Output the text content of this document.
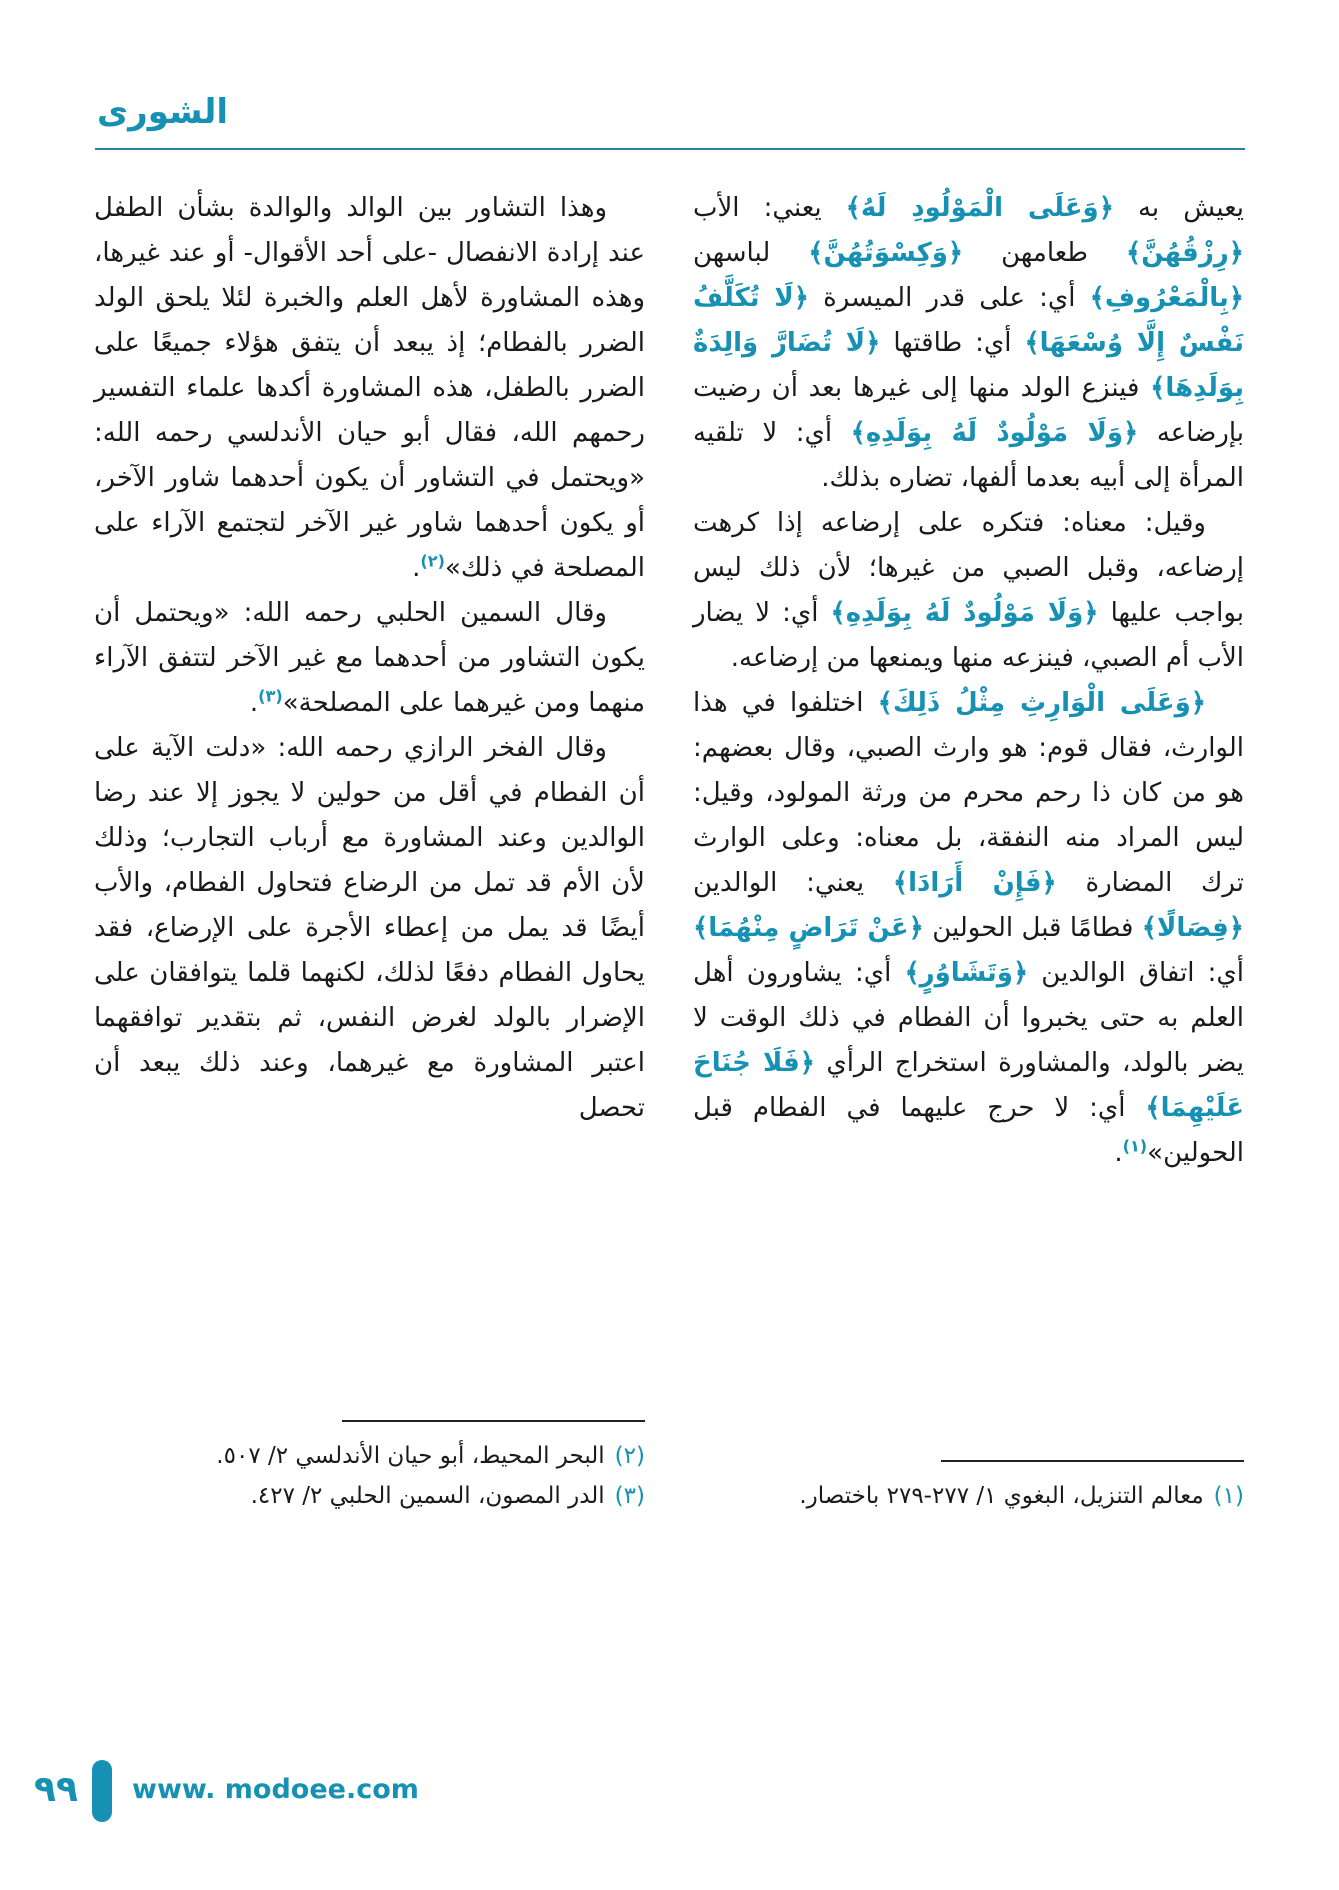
الشورى

يعيش به ﴿وَعَلَى الْمَوْلُودِ لَهُ﴾ يعني: الأب ﴿رِزْقُهُنَّ﴾ طعامهن ﴿وَكِسْوَتُهُنَّ﴾ لباسهن ﴿بِالْمَعْرُوفِ﴾ أي: على قدر الميسرة ﴿لَا تُكَلَّفُ نَفْسٌ إِلَّا وُسْعَهَا﴾ أي: طاقتها ﴿لَا تُضَارَّ وَالِدَةٌ بِوَلَدِهَا﴾ فينزع الولد منها إلى غيرها بعد أن رضيت بإرضاعه ﴿وَلَا مَوْلُودٌ لَهُ بِوَلَدِهِ﴾ أي: لا تلقيه المرأة إلى أبيه بعدما ألفها، تضاره بذلك.

وقيل: معناه: فتكره على إرضاعه إذا كرهت إرضاعه، وقبل الصبي من غيرها؛ لأن ذلك ليس بواجب عليها ﴿وَلَا مَوْلُودٌ لَهُ بِوَلَدِهِ﴾ أي: لا يضار الأب أم الصبي، فينزعه منها ويمنعها من إرضاعه.

﴿وَعَلَى الْوَارِثِ مِثْلُ ذَلِكَ﴾ اختلفوا في هذا الوارث، فقال قوم: هو وارث الصبي، وقال بعضهم: هو من كان ذا رحم محرم من ورثة المولود، وقيل: ليس المراد منه النفقة، بل معناه: وعلى الوارث ترك المضارة ﴿فَإِنْ أَرَادَا﴾ يعني: الوالدين ﴿فِصَالًا﴾ فطامًا قبل الحولين ﴿عَنْ تَرَاضٍ مِنْهُمَا﴾ أي: اتفاق الوالدين ﴿وَتَشَاوُرٍ﴾ أي: يشاورون أهل العلم به حتى يخبروا أن الفطام في ذلك الوقت لا يضر بالولد، والمشاورة استخراج الرأي ﴿فَلَا جُنَاحَ عَلَيْهِمَا﴾ أي: لا حرج عليهما في الفطام قبل الحولين»$^{(١)}$.

(١)
معالم التنزيل، البغوي ١/ ٢٧٧-٢٧٩ باختصار.

وهذا التشاور بين الوالد والوالدة بشأن الطفل عند إرادة الانفصال -على أحد الأقوال- أو عند غيرها، وهذه المشاورة لأهل العلم والخبرة لئلا يلحق الولد الضرر بالفطام؛ إذ يبعد أن يتفق هؤلاء جميعًا على الضرر بالطفل، هذه المشاورة أكدها علماء التفسير رحمهم الله، فقال أبو حيان الأندلسي رحمه الله: «ويحتمل في التشاور أن يكون أحدهما شاور الآخر، أو يكون أحدهما شاور غير الآخر لتجتمع الآراء على المصلحة في ذلك»$^{(٢)}$.

وقال السمين الحلبي رحمه الله: «ويحتمل أن يكون التشاور من أحدهما مع غير الآخر لتتفق الآراء منهما ومن غيرهما على المصلحة»$^{(٣)}$.

وقال الفخر الرازي رحمه الله: «دلت الآية على أن الفطام في أقل من حولين لا يجوز إلا عند رضا الوالدين وعند المشاورة مع أرباب التجارب؛ وذلك لأن الأم قد تمل من الرضاع فتحاول الفطام، والأب أيضًا قد يمل من إعطاء الأجرة على الإرضاع، فقد يحاول الفطام دفعًا لذلك، لكنهما قلما يتوافقان على الإضرار بالولد لغرض النفس، ثم بتقدير توافقهما اعتبر المشاورة مع غيرهما، وعند ذلك يبعد أن تحصل

(٢)
البحر المحيط، أبو حيان الأندلسي ٢/ ٥٠٧.
(٣)
الدر المصون، السمين الحلبي ٢/ ٤٢٧.
٩٩ www. modoee.com
